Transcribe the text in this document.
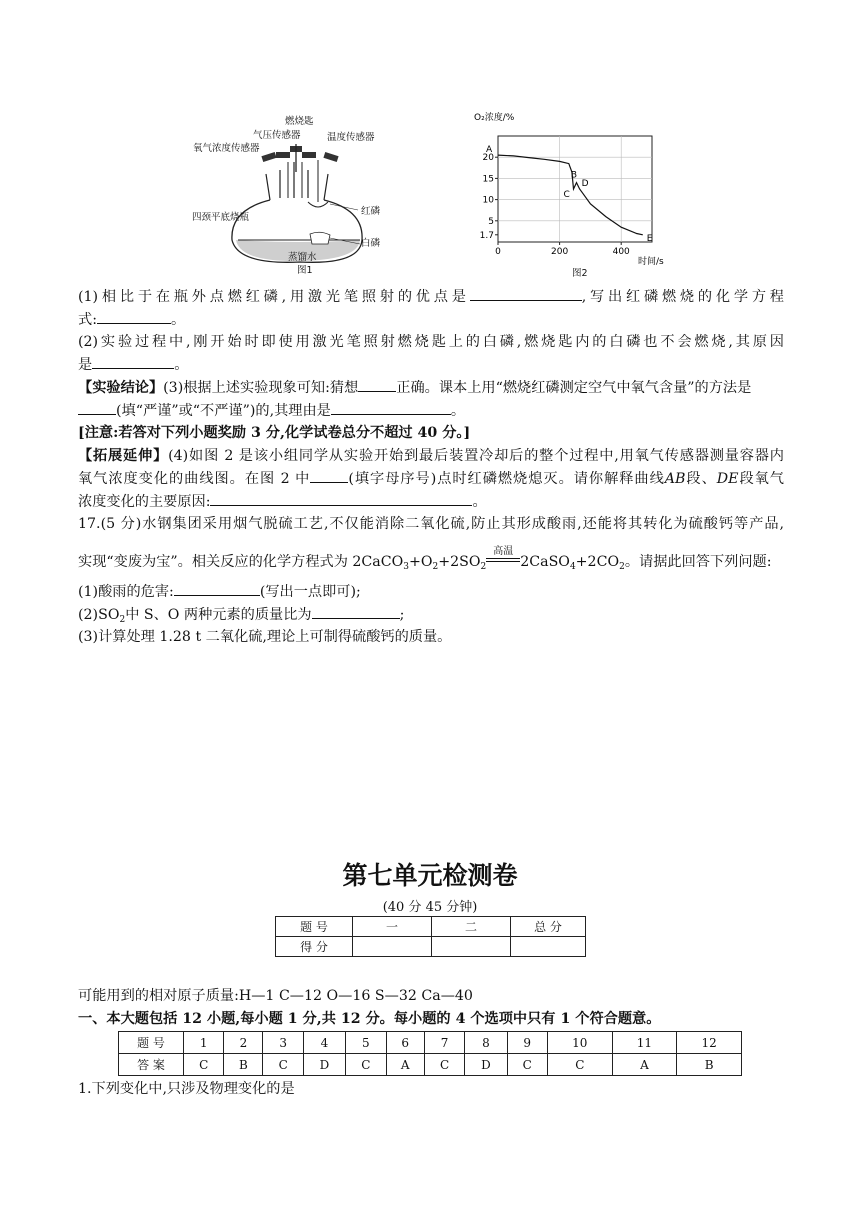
燃烧匙
气压传感器	温度传感器
氧气浓度传感器
四颈平底烧瓶
红磷
白磷
蒸馏水
图1
1.7
5
10
15
20
0	200	400
O₂浓度/%
时间/s
A
B
C
D
E
图2
(1)相比于在瓶外点燃红磷,用激光笔照射的优点是	,写出红磷燃烧的化学方程
式:	。
(2)实验过程中,刚开始时即使用激光笔照射燃烧匙上的白磷,燃烧匙内的白磷也不会燃烧,其原因
是	。
【实验结论】(3)根据上述实验现象可知:猜想	正确。课本上用“燃烧红磷测定空气中氧气含量”的方法是
(填“严谨”或“不严谨”)的,其理由是	。
[注意:若答对下列小题奖励 3 分,化学试卷总分不超过 40 分。]
【拓展延伸】(4)如图 2 是该小组同学从实验开始到最后装置冷却后的整个过程中,用氧气传感器测量容器内
氧气浓度变化的曲线图。在图 2 中	(填字母序号)点时红磷燃烧熄灭。请你解释曲线AB段、DE段氧气
浓度变化的主要原因:	。
17.(5 分)水钢集团采用烟气脱硫工艺,不仅能消除二氧化硫,防止其形成酸雨,还能将其转化为硫酸钙等产品,
实现“变废为宝”。相关反应的化学方程式为 $2CaCO_3+O_2+2SO_2$
高温
$2CaSO_4+2CO_2$。请据此回答下列问题:
(1)酸雨的危害:	(写出一点即可);
$(2)SO_2$中 S、O 两种元素的质量比为	;
(3)计算处理 1.28 t 二氧化硫,理论上可制得硫酸钙的质量。
第七单元检测卷
(40 分 45 分钟)
题 号	一	二	总 分
得 分			
可能用到的相对原子质量:H—1 C—12 O—16 S—32 Ca—40
一、本大题包括 12 小题,每小题 1 分,共 12 分。每小题的 4 个选项中只有 1 个符合题意。
题 号	1	2	3	4	5	6	7	8	9	10	11	12
答 案	C	B	C	D	C	A	C	D	C	C	A	B
1.下列变化中,只涉及物理变化的是
